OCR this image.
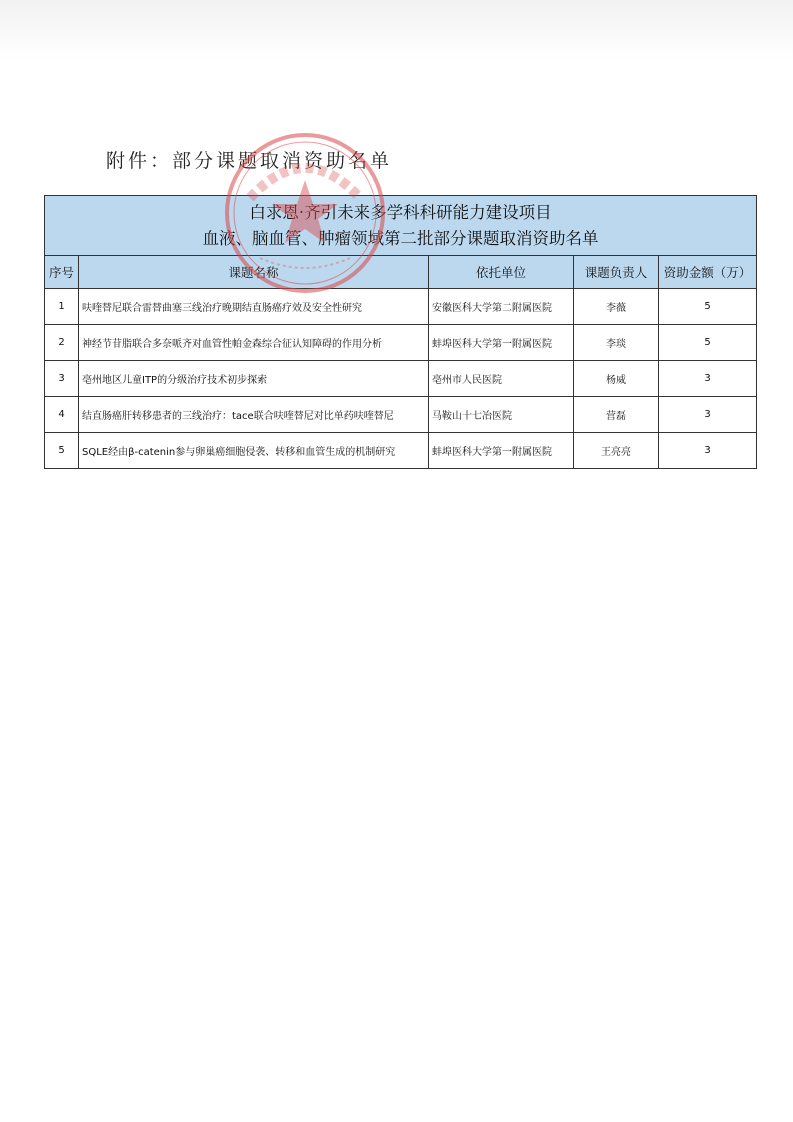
附件：部分课题取消资助名单
白求恩·齐引未来多学科科研能力建设项目
血液、脑血管、肿瘤领域第二批部分课题取消资助名单				

序号	课题名称	依托单位	课题负责人	资助金额（万）
1	呋喹替尼联合雷替曲塞三线治疗晚期结直肠癌疗效及安全性研究	安徽医科大学第二附属医院	李薇	5
2	神经节苷脂联合多奈哌齐对血管性帕金森综合征认知障碍的作用分析	蚌埠医科大学第一附属医院	李琰	5
3	亳州地区儿童ITP的分级治疗技术初步探索	亳州市人民医院	杨威	3
4	结直肠癌肝转移患者的三线治疗：tace联合呋喹替尼对比单药呋喹替尼	马鞍山十七冶医院	营磊	3
5	SQLE经由β-catenin参与卵巢癌细胞侵袭、转移和血管生成的机制研究	蚌埠医科大学第一附属医院	王亮亮	3
